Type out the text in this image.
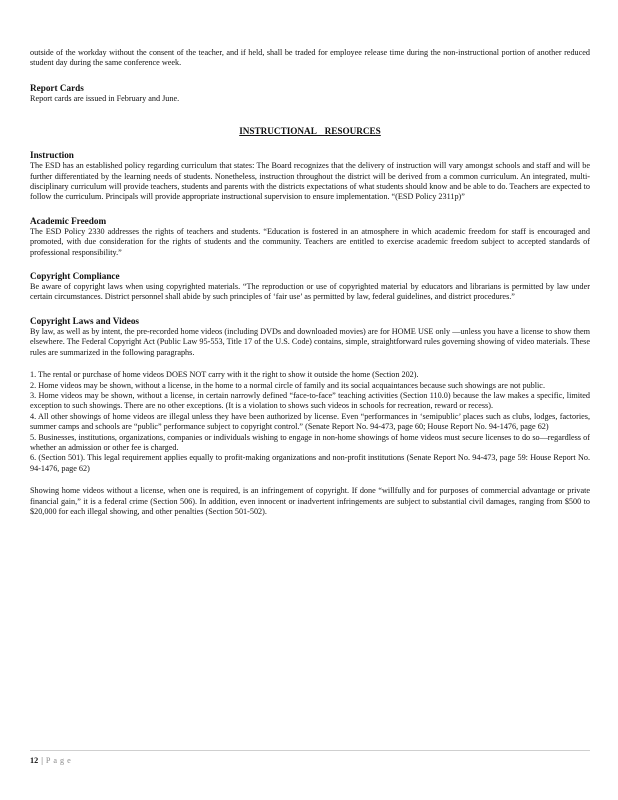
outside of the workday without the consent of the teacher, and if held, shall be traded for employee release time during the non-instructional portion of another reduced student day during the same conference week.

Report Cards

Report cards are issued in February and June.

INSTRUCTIONAL RESOURCES
Instruction

The ESD has an established policy regarding curriculum that states: The Board recognizes that the delivery of instruction will vary amongst schools and staff and will be further differentiated by the learning needs of students. Nonetheless, instruction throughout the district will be derived from a common curriculum. An integrated, multi-disciplinary curriculum will provide teachers, students and parents with the districts expectations of what students should know and be able to do. Teachers are expected to follow the curriculum. Principals will provide appropriate instructional supervision to ensure implementation. “(ESD Policy 2311p)”

Academic Freedom

The ESD Policy 2330 addresses the rights of teachers and students. “Education is fostered in an atmosphere in which academic freedom for staff is encouraged and promoted, with due consideration for the rights of students and the community. Teachers are entitled to exercise academic freedom subject to accepted standards of professional responsibility.”

Copyright Compliance

Be aware of copyright laws when using copyrighted materials. “The reproduction or use of copyrighted material by educators and librarians is permitted by law under certain circumstances. District personnel shall abide by such principles of ‘fair use’ as permitted by law, federal guidelines, and district procedures.”

Copyright Laws and Videos

By law, as well as by intent, the pre-recorded home videos (including DVDs and downloaded movies) are for HOME USE only —unless you have a license to show them elsewhere. The Federal Copyright Act (Public Law 95-553, Title 17 of the U.S. Code) contains, simple, straightforward rules governing showing of video materials. These rules are summarized in the following paragraphs.

1. The rental or purchase of home videos DOES NOT carry with it the right to show it outside the home (Section 202).

2. Home videos may be shown, without a license, in the home to a normal circle of family and its social acquaintances because such showings are not public.

3. Home videos may be shown, without a license, in certain narrowly defined “face-to-face” teaching activities (Section 110.0) because the law makes a specific, limited exception to such showings. There are no other exceptions. (It is a violation to shows such videos in schools for recreation, reward or recess).

4. All other showings of home videos are illegal unless they have been authorized by license. Even “performances in ‘semipublic’ places such as clubs, lodges, factories, summer camps and schools are “public” performance subject to copyright control.” (Senate Report No. 94-473, page 60; House Report No. 94-1476, page 62)

5. Businesses, institutions, organizations, companies or individuals wishing to engage in non-home showings of home videos must secure licenses to do so—regardless of whether an admission or other fee is charged.

6. (Section 501). This legal requirement applies equally to profit-making organizations and non-profit institutions (Senate Report No. 94-473, page 59: House Report No. 94-1476, page 62)

Showing home videos without a license, when one is required, is an infringement of copyright. If done “willfully and for purposes of commercial advantage or private financial gain,” it is a federal crime (Section 506). In addition, even innocent or inadvertent infringements are subject to substantial civil damages, ranging from $500 to $20,000 for each illegal showing, and other penalties (Section 501-502).

12 | Page
